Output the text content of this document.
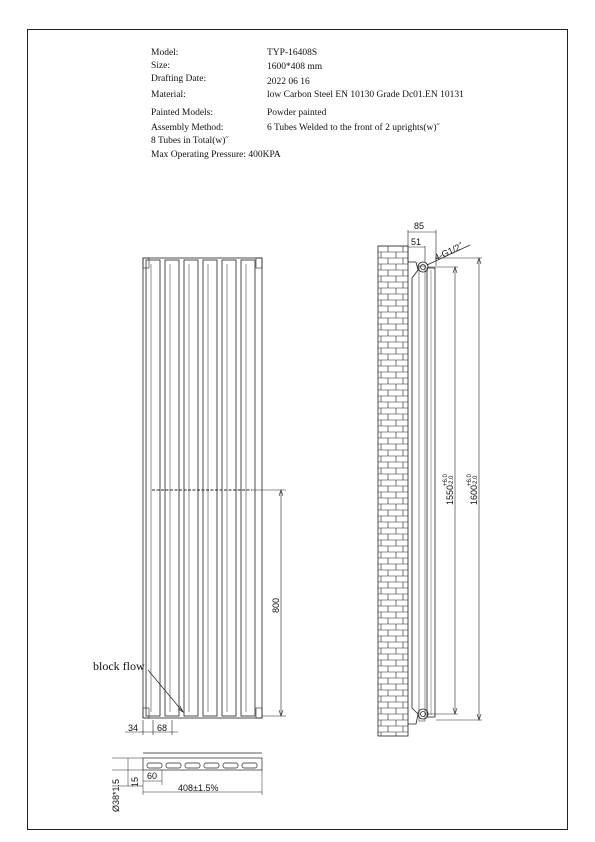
Model:	TYP-16408S
Size:	1600*408 mm
Drafting Date:	2022 06 16
Material:	low Carbon Steel EN 10130 Grade Dc01.EN 10131
Painted Models:	Powder painted
Assembly Method:	6 Tubes Welded to the front of 2 uprights(w)˝
8 Tubes in Total(w)˝
Max Operating Pressure: 400KPA
800
block flow
34 68
85
51 4-G1/2˝
1550
+6.0 -2.0
1600
+6.0 -2.0
Ø38*1.5 15
60
408±1.5%
